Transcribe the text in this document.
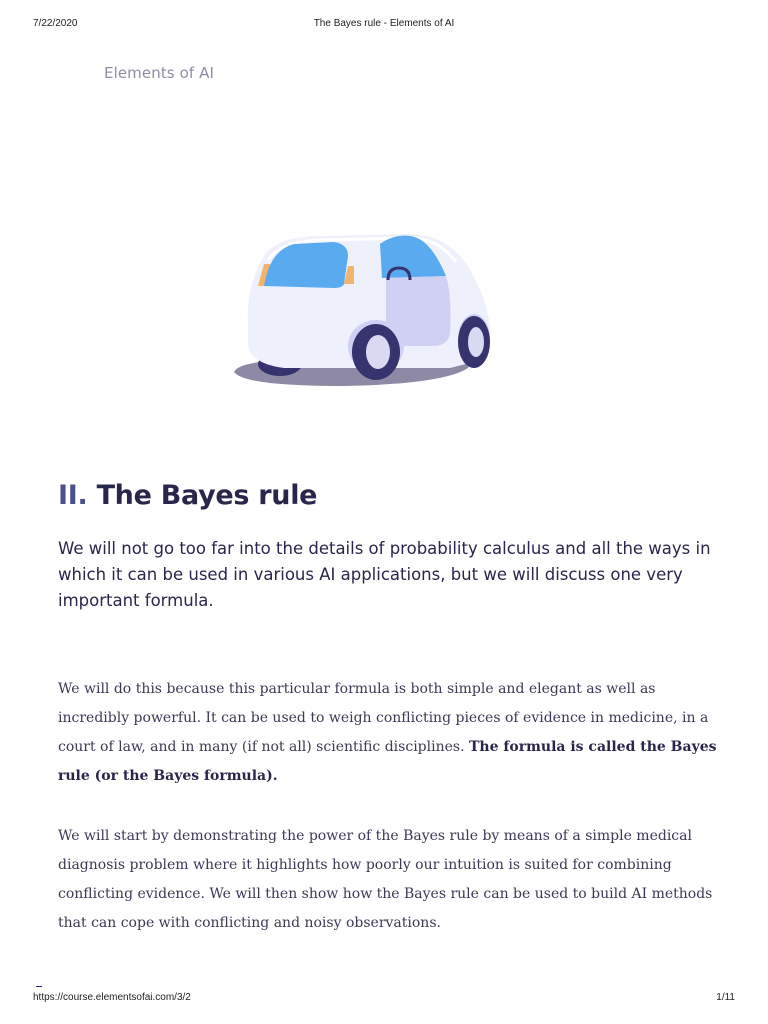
7/22/2020	The Bayes rule - Elements of AI
Elements of AI
II. The Bayes rule

We will not go too far into the details of probability calculus and all the ways in which it can be used in various AI applications, but we will discuss one very important formula.

We will do this because this particular formula is both simple and elegant as well as incredibly powerful. It can be used to weigh conflicting pieces of evidence in medicine, in a court of law, and in many (if not all) scientific disciplines. The formula is called the Bayes rule (or the Bayes formula).

We will start by demonstrating the power of the Bayes rule by means of a simple medical diagnosis problem where it highlights how poorly our intuition is suited for combining conflicting evidence. We will then show how the Bayes rule can be used to build AI methods that can cope with conflicting and noisy observations.

https://course.elementsofai.com/3/2	1/11
